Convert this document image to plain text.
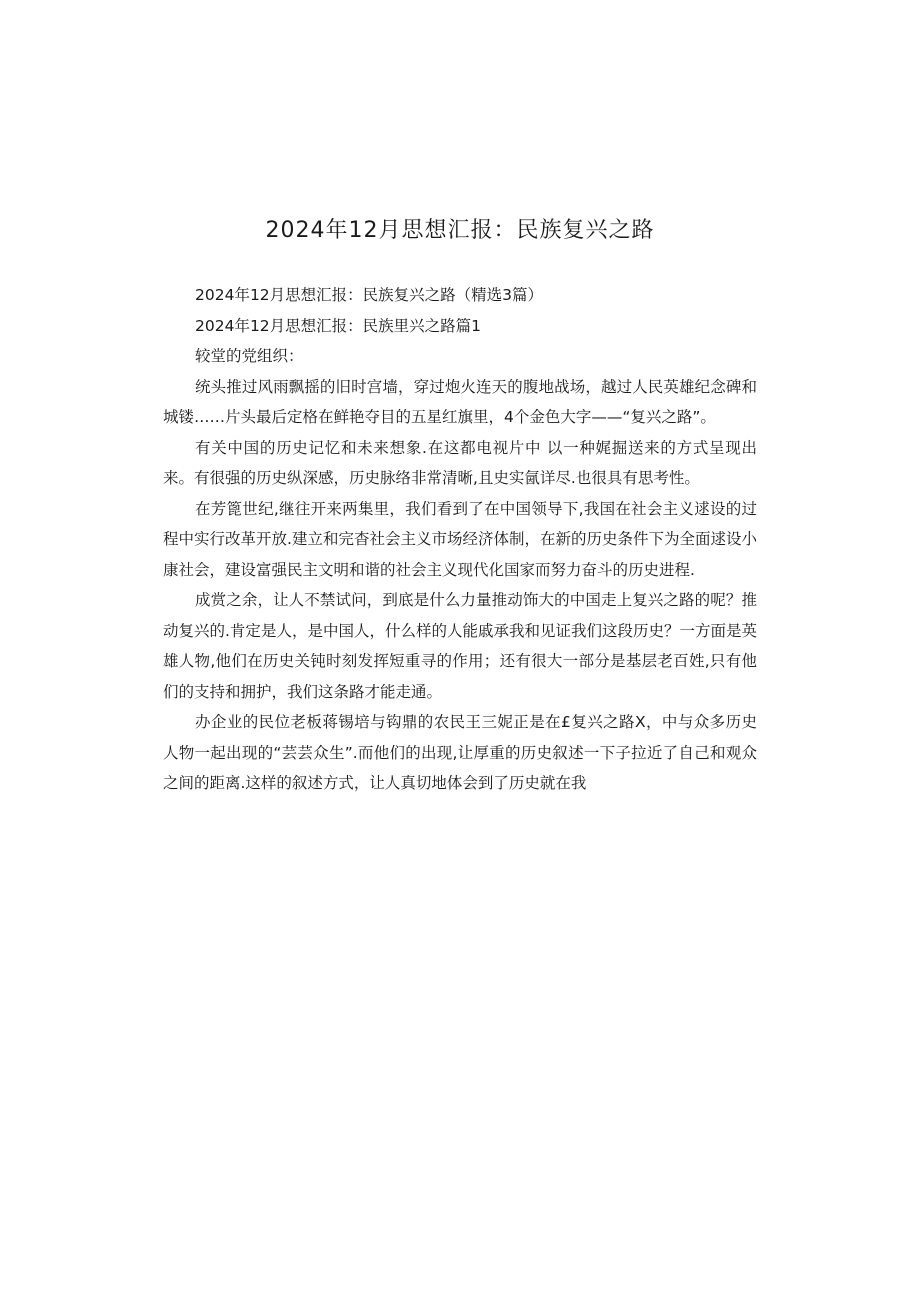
2024年12月思想汇报：民族复兴之路

2024年12月思想汇报：民族复兴之路（精选3篇）

2024年12月思想汇报：民族里兴之路篇1

较堂的党组织：

统头推过风雨飘摇的旧时宫墙，穿过炮火连天的腹地战场，越过人民英雄纪念碑和城镂……片头最后定格在鲜艳夺目的五星红旗里，4个金色大字——“复兴之路”。

有关中国的历史记忆和未来想象.在这都电视片中 以一种娓掘送来的方式呈现出来。有很强的历史纵深感，历史脉络非常清晰,且史实氤详尽.也很具有思考性。

在芳篦世纪,继往开来两集里，我们看到了在中国领导下,我国在社会主义逑设的过程中实行改革开放.建立和完杳社会主义市场经济体制，在新的历史条件下为全面逑设小康社会，建设富强民主文明和谐的社会主义现代化国家而努力奋斗的历史进程.

成赏之余，让人不禁试问，到底是什么力量推动饰大的中国走上复兴之路的呢？推动复兴的.肯定是人，是中国人，什么样的人能戚承我和见证我们这段历史？一方面是英雄人物,他们在历史关钝时刻发挥短重寻的作用；还有很大一部分是基层老百姓,只有他们的支持和拥护，我们这条路才能走通。

办企业的民位老板蒋锡培与钩鼎的农民王三妮正是在£复兴之路X，中与众多历史人物一起出现的“芸芸众生”.而他们的出现,让厚重的历史叙述一下子拉近了自己和观众之间的距离.这样的叙述方式，让人真切地体会到了历史就在我
